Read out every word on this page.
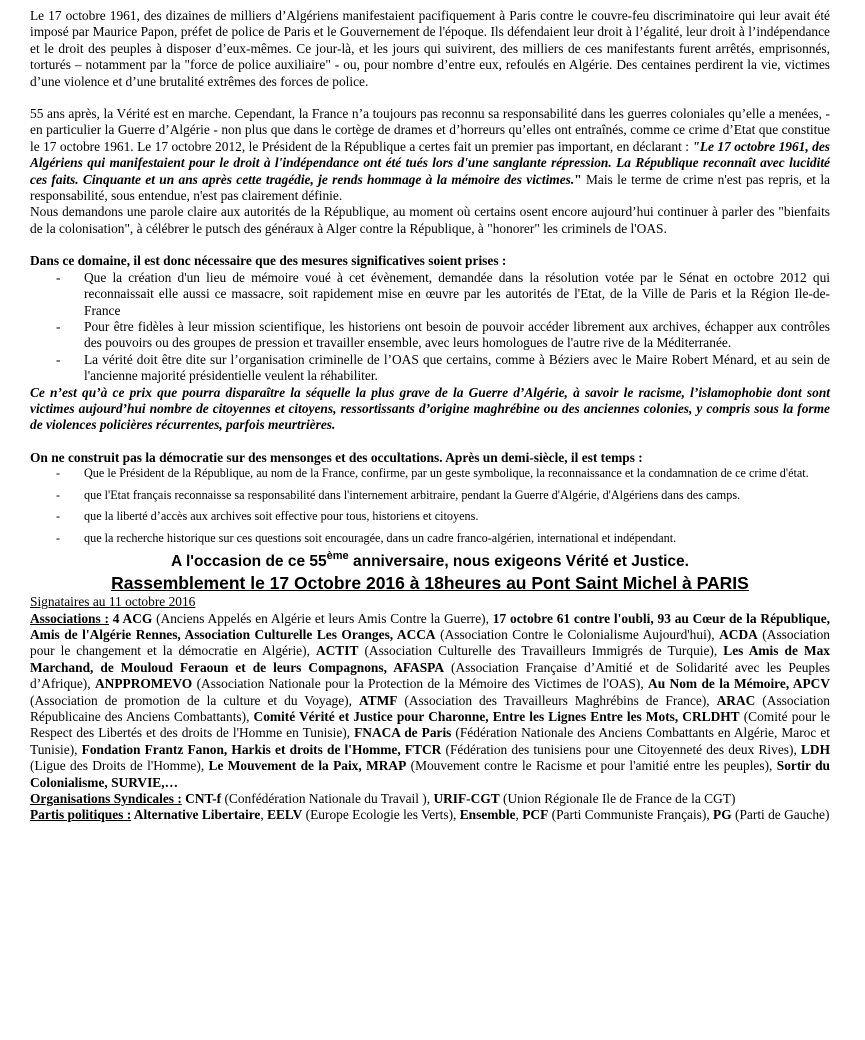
Le 17 octobre 1961, des dizaines de milliers d’Algériens manifestaient pacifiquement à Paris contre le couvre-feu discriminatoire qui leur avait été imposé par Maurice Papon, préfet de police de Paris et le Gouvernement de l'époque. Ils défendaient leur droit à l’égalité, leur droit à l’indépendance et le droit des peuples à disposer d’eux-mêmes. Ce jour-là, et les jours qui suivirent, des milliers de ces manifestants furent arrêtés, emprisonnés, torturés – notamment par la "force de police auxiliaire" - ou, pour nombre d’entre eux, refoulés en Algérie. Des centaines perdirent la vie, victimes d’une violence et d’une brutalité extrêmes des forces de police.

55 ans après, la Vérité est en marche. Cependant, la France n’a toujours pas reconnu sa responsabilité dans les guerres coloniales qu’elle a menées, - en particulier la Guerre d’Algérie - non plus que dans le cortège de drames et d’horreurs qu’elles ont entraînés, comme ce crime d’Etat que constitue le 17 octobre 1961. Le 17 octobre 2012, le Président de la République a certes fait un premier pas important, en déclarant : "Le 17 octobre 1961, des Algériens qui manifestaient pour le droit à l'indépendance ont été tués lors d'une sanglante répression. La République reconnaît avec lucidité ces faits. Cinquante et un ans après cette tragédie, je rends hommage à la mémoire des victimes." Mais le terme de crime n'est pas repris, et la responsabilité, sous entendue, n'est pas clairement définie.

Nous demandons une parole claire aux autorités de la République, au moment où certains osent encore aujourd’hui continuer à parler des "bienfaits de la colonisation", à célébrer le putsch des généraux à Alger contre la République, à "honorer" les criminels de l'OAS.

Dans ce domaine, il est donc nécessaire que des mesures significatives soient prises :

- Que la création d'un lieu de mémoire voué à cet évènement, demandée dans la résolution votée par le Sénat en octobre 2012 qui reconnaissait elle aussi ce massacre, soit rapidement mise en œuvre par les autorités de l'Etat, de la Ville de Paris et la Région Ile-de-France
- Pour être fidèles à leur mission scientifique, les historiens ont besoin de pouvoir accéder librement aux archives, échapper aux contrôles des pouvoirs ou des groupes de pression et travailler ensemble, avec leurs homologues de l'autre rive de la Méditerranée.
- La vérité doit être dite sur l’organisation criminelle de l’OAS que certains, comme à Béziers avec le Maire Robert Ménard, et au sein de l'ancienne majorité présidentielle veulent la réhabiliter.

Ce n’est qu’à ce prix que pourra disparaître la séquelle la plus grave de la Guerre d’Algérie, à savoir le racisme, l’islamophobie dont sont victimes aujourd’hui nombre de citoyennes et citoyens, ressortissants d’origine maghrébine ou des anciennes colonies, y compris sous la forme de violences policières récurrentes, parfois meurtrières.

On ne construit pas la démocratie sur des mensonges et des occultations. Après un demi-siècle, il est temps :

- Que le Président de la République, au nom de la France, confirme, par un geste symbolique, la reconnaissance et la condamnation de ce crime d'état.
- que l'Etat français reconnaisse sa responsabilité dans l'internement arbitraire, pendant la Guerre d'Algérie, d'Algériens dans des camps.
- que la liberté d’accès aux archives soit effective pour tous, historiens et citoyens.
- que la recherche historique sur ces questions soit encouragée, dans un cadre franco-algérien, international et indépendant.
A l'occasion de ce 55ème anniversaire, nous exigeons Vérité et Justice.
Rassemblement le 17 Octobre 2016 à 18heures au Pont Saint Michel à PARIS

Signataires au 11 octobre 2016

Associations : 4 ACG (Anciens Appelés en Algérie et leurs Amis Contre la Guerre), 17 octobre 61 contre l'oubli, 93 au Cœur de la République, Amis de l'Algérie Rennes, Association Culturelle Les Oranges, ACCA (Association Contre le Colonialisme Aujourd'hui), ACDA (Association pour le changement et la démocratie en Algérie), ACTIT (Association Culturelle des Travailleurs Immigrés de Turquie), Les Amis de Max Marchand, de Mouloud Feraoun et de leurs Compagnons, AFASPA (Association Française d’Amitié et de Solidarité avec les Peuples d’Afrique), ANPPROMEVO (Association Nationale pour la Protection de la Mémoire des Victimes de l'OAS), Au Nom de la Mémoire, APCV (Association de promotion de la culture et du Voyage), ATMF (Association des Travailleurs Maghrébins de France), ARAC (Association Républicaine des Anciens Combattants), Comité Vérité et Justice pour Charonne, Entre les Lignes Entre les Mots, CRLDHT (Comité pour le Respect des Libertés et des droits de l'Homme en Tunisie), FNACA de Paris (Fédération Nationale des Anciens Combattants en Algérie, Maroc et Tunisie), Fondation Frantz Fanon, Harkis et droits de l'Homme, FTCR (Fédération des tunisiens pour une Citoyenneté des deux Rives), LDH (Ligue des Droits de l'Homme), Le Mouvement de la Paix, MRAP (Mouvement contre le Racisme et pour l'amitié entre les peuples), Sortir du Colonialisme, SURVIE,…

Organisations Syndicales : CNT-f (Confédération Nationale du Travail ), URIF-CGT (Union Régionale Ile de France de la CGT)

Partis politiques : Alternative Libertaire, EELV (Europe Ecologie les Verts), Ensemble, PCF (Parti Communiste Français), PG (Parti de Gauche)
